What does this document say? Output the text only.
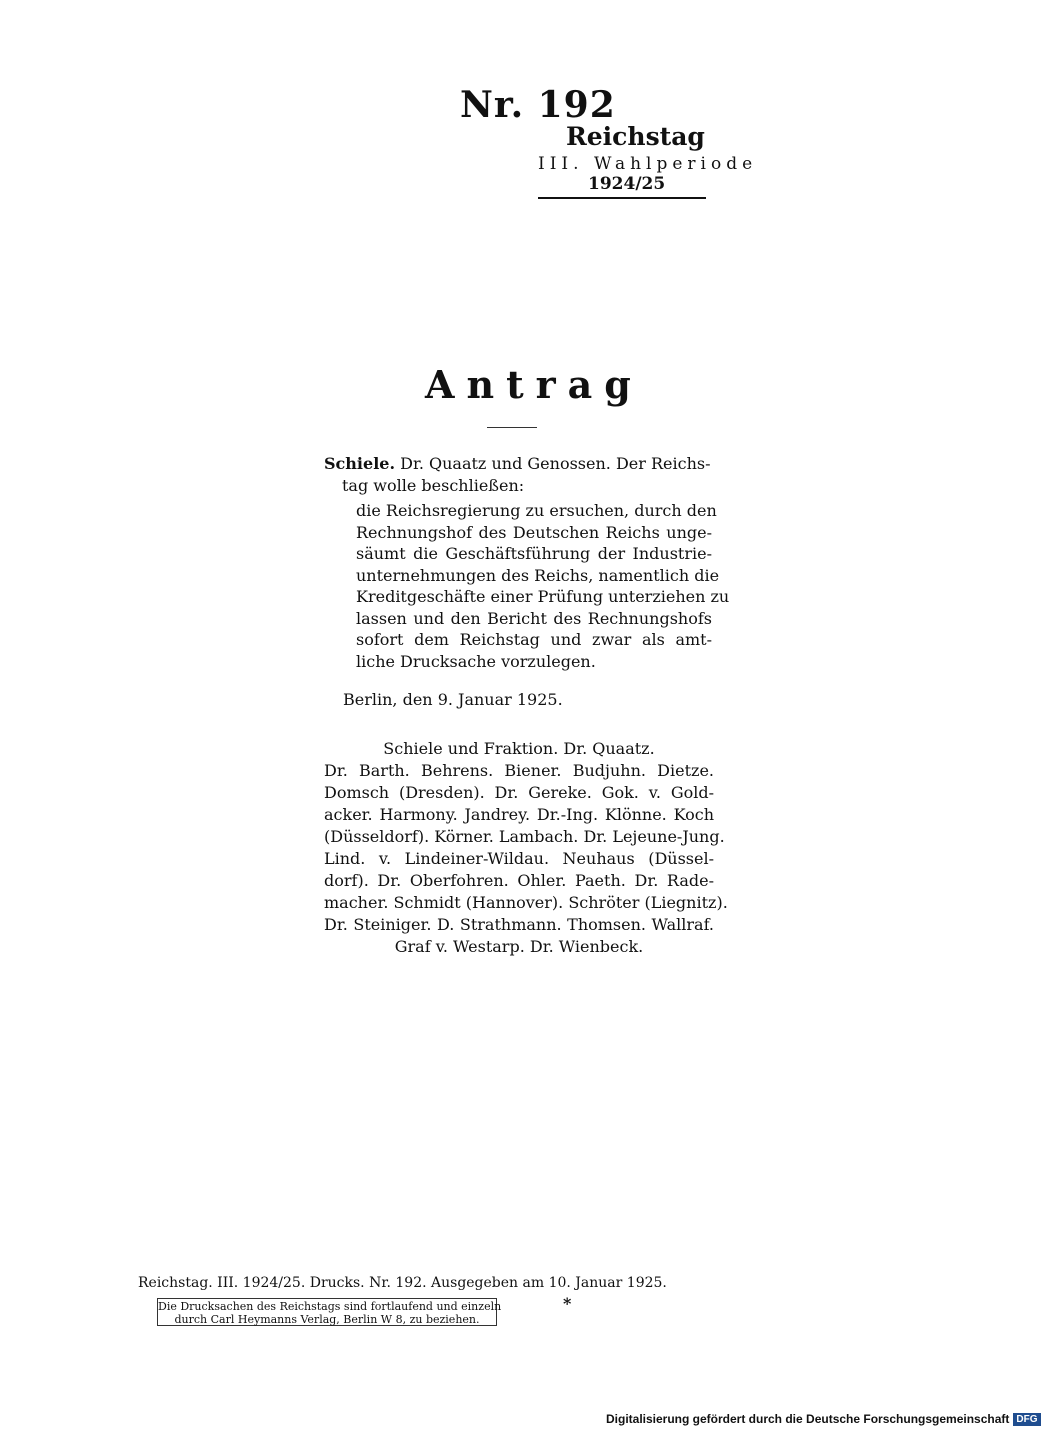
Nr. 192
Reichstag
III. Wahlperiode
1924/25
Antrag
Schiele. Dr. Quaatz und Genossen. Der Reichs-
tag wolle beschließen:
die Reichsregierung zu ersuchen, durch den
Rechnungshof des Deutschen Reichs unge-
säumt die Geschäftsführung der Industrie-
unternehmungen des Reichs, namentlich die
Kreditgeschäfte einer Prüfung unterziehen zu
lassen und den Bericht des Rechnungshofs
sofort dem Reichstag und zwar als amt-
liche Drucksache vorzulegen.
Berlin, den 9. Januar 1925.
Schiele und Fraktion. Dr. Quaatz.
Dr. Barth. Behrens. Biener. Budjuhn. Dietze.
Domsch (Dresden). Dr. Gereke. Gok. v. Gold-
acker. Harmony. Jandrey. Dr.-Ing. Klönne. Koch
(Düsseldorf). Körner. Lambach. Dr. Lejeune-Jung.
Lind. v. Lindeiner-Wildau. Neuhaus (Düssel-
dorf). Dr. Oberfohren. Ohler. Paeth. Dr. Rade-
macher. Schmidt (Hannover). Schröter (Liegnitz).
Dr. Steiniger. D. Strathmann. Thomsen. Wallraf.
Graf v. Westarp. Dr. Wienbeck.
Reichstag. III. 1924/25. Drucks. Nr. 192. Ausgegeben am 10. Januar 1925.
Die Drucksachen des Reichstags sind fortlaufend und einzeln
durch Carl Heymanns Verlag, Berlin W 8, zu beziehen.
*
Digitalisierung gefördert durch die Deutsche Forschungsgemeinschaft DFG
